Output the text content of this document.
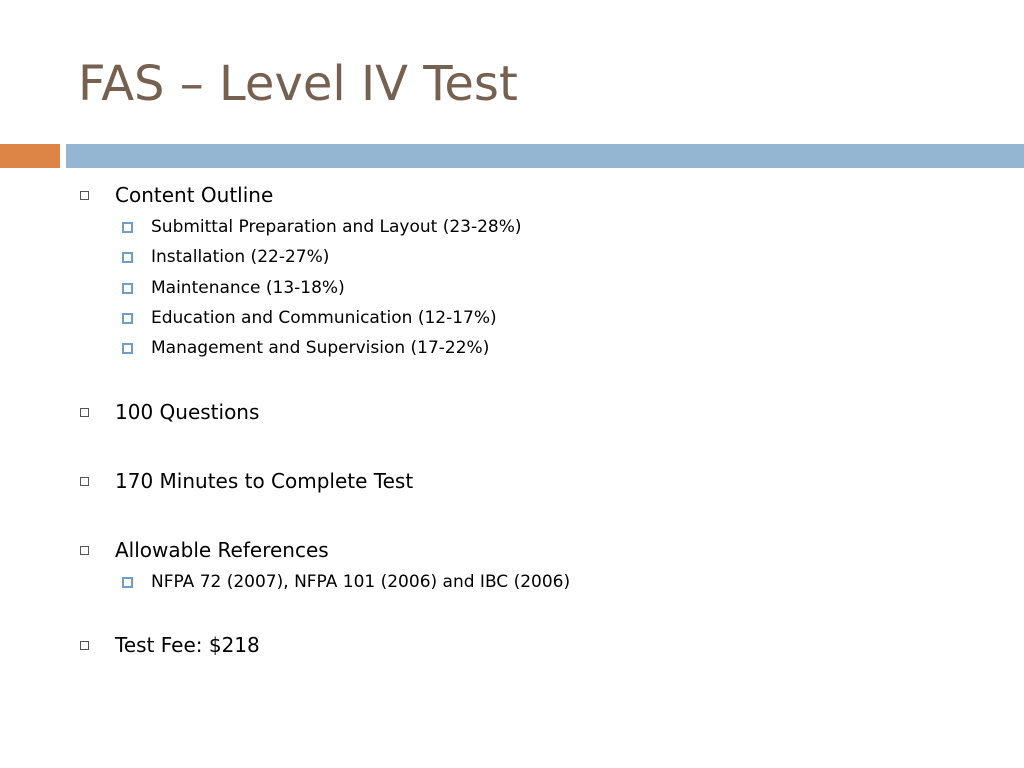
FAS – Level IV Test
Content Outline
Submittal Preparation and Layout (23-28%)
Installation (22-27%)
Maintenance (13-18%)
Education and Communication (12-17%)
Management and Supervision (17-22%)
100 Questions
170 Minutes to Complete Test
Allowable References
NFPA 72 (2007), NFPA 101 (2006) and IBC (2006)
Test Fee: $218
